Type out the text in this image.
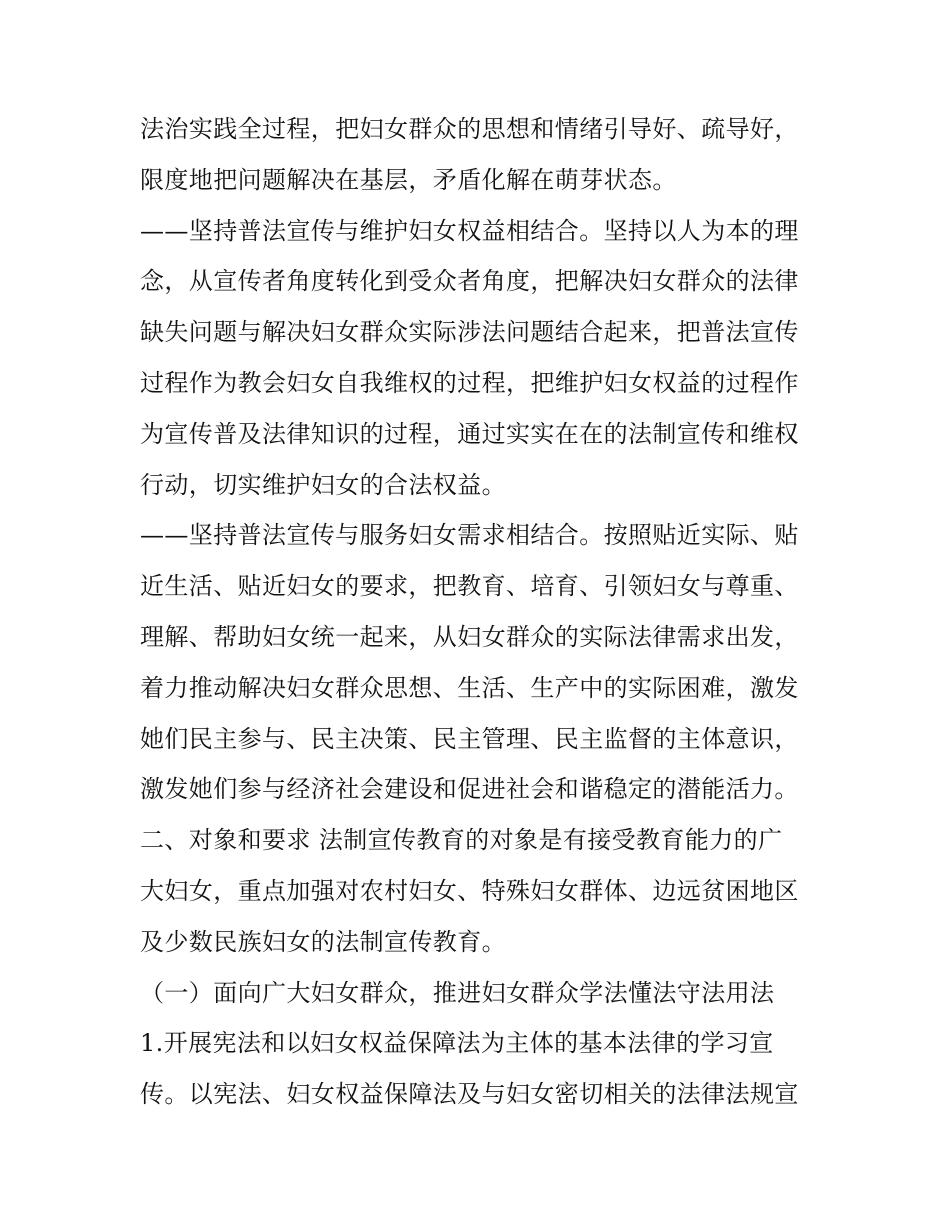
法治实践全过程，把妇女群众的思想和情绪引导好、疏导好，
限度地把问题解决在基层，矛盾化解在萌芽状态。
——坚持普法宣传与维护妇女权益相结合。坚持以人为本的理
念，从宣传者角度转化到受众者角度，把解决妇女群众的法律
缺失问题与解决妇女群众实际涉法问题结合起来，把普法宣传
过程作为教会妇女自我维权的过程，把维护妇女权益的过程作
为宣传普及法律知识的过程，通过实实在在的法制宣传和维权
行动，切实维护妇女的合法权益。
——坚持普法宣传与服务妇女需求相结合。按照贴近实际、贴
近生活、贴近妇女的要求，把教育、培育、引领妇女与尊重、
理解、帮助妇女统一起来，从妇女群众的实际法律需求出发，
着力推动解决妇女群众思想、生活、生产中的实际困难，激发
她们民主参与、民主决策、民主管理、民主监督的主体意识，
激发她们参与经济社会建设和促进社会和谐稳定的潜能活力。
二、对象和要求 法制宣传教育的对象是有接受教育能力的广
大妇女，重点加强对农村妇女、特殊妇女群体、边远贫困地区
及少数民族妇女的法制宣传教育。
（一）面向广大妇女群众，推进妇女群众学法懂法守法用法
1.开展宪法和以妇女权益保障法为主体的基本法律的学习宣
传。以宪法、妇女权益保障法及与妇女密切相关的法律法规宣
